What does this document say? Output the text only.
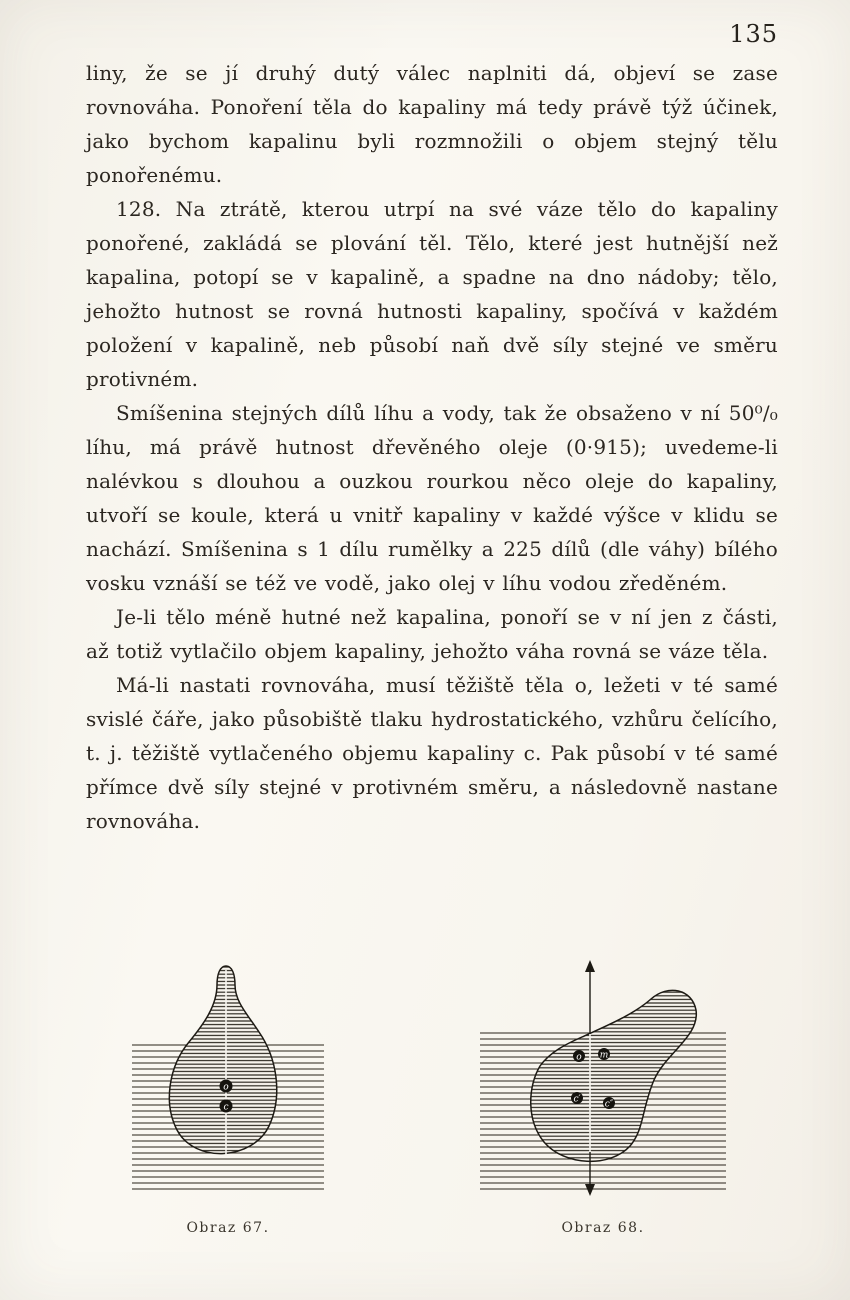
135

liny, že se jí druhý dutý válec naplniti dá, objeví se zase rovnováha. Ponoření těla do kapaliny má tedy právě týž účinek, jako bychom kapalinu byli rozmnožili o objem stejný tělu ponořenému.

128. Na ztrátě, kterou utrpí na své váze tělo do kapaliny ponořené, zakládá se plování těl. Tělo, které jest hutnější než kapalina, potopí se v kapalině, a spadne na dno nádoby; tělo, jehožto hutnost se rovná hutnosti kapaliny, spočívá v každém položení v kapalině, neb působí naň dvě síly stejné ve směru protivném.

Smíšenina stejných dílů líhu a vody, tak že obsaženo v ní 50⁰/₀ líhu, má právě hutnost dřevěného oleje (0·915); uvedeme-li nalévkou s dlouhou a ouzkou rourkou něco oleje do kapaliny, utvoří se koule, která u vnitř kapaliny v každé výšce v klidu se nachází. Smíšenina s 1 dílu rumělky a 225 dílů (dle váhy) bílého vosku vznáší se též ve vodě, jako olej v líhu vodou zředěném.

Je-li tělo méně hutné než kapalina, ponoří se v ní jen z části, až totiž vytlačilo objem kapaliny, jehožto váha rovná se váze těla.

Má-li nastati rovnováha, musí těžiště těla o, ležeti v té samé svislé čáře, jako působiště tlaku hydrostatického, vzhůru čelícího, t. j. těžiště vytlačeného objemu kapaliny c. Pak působí v té samé přímce dvě síly stejné v protivném směru, a následovně nastane rovnováha.

o
c
Obraz 67.
o m
c′	c″
Obraz 68.
